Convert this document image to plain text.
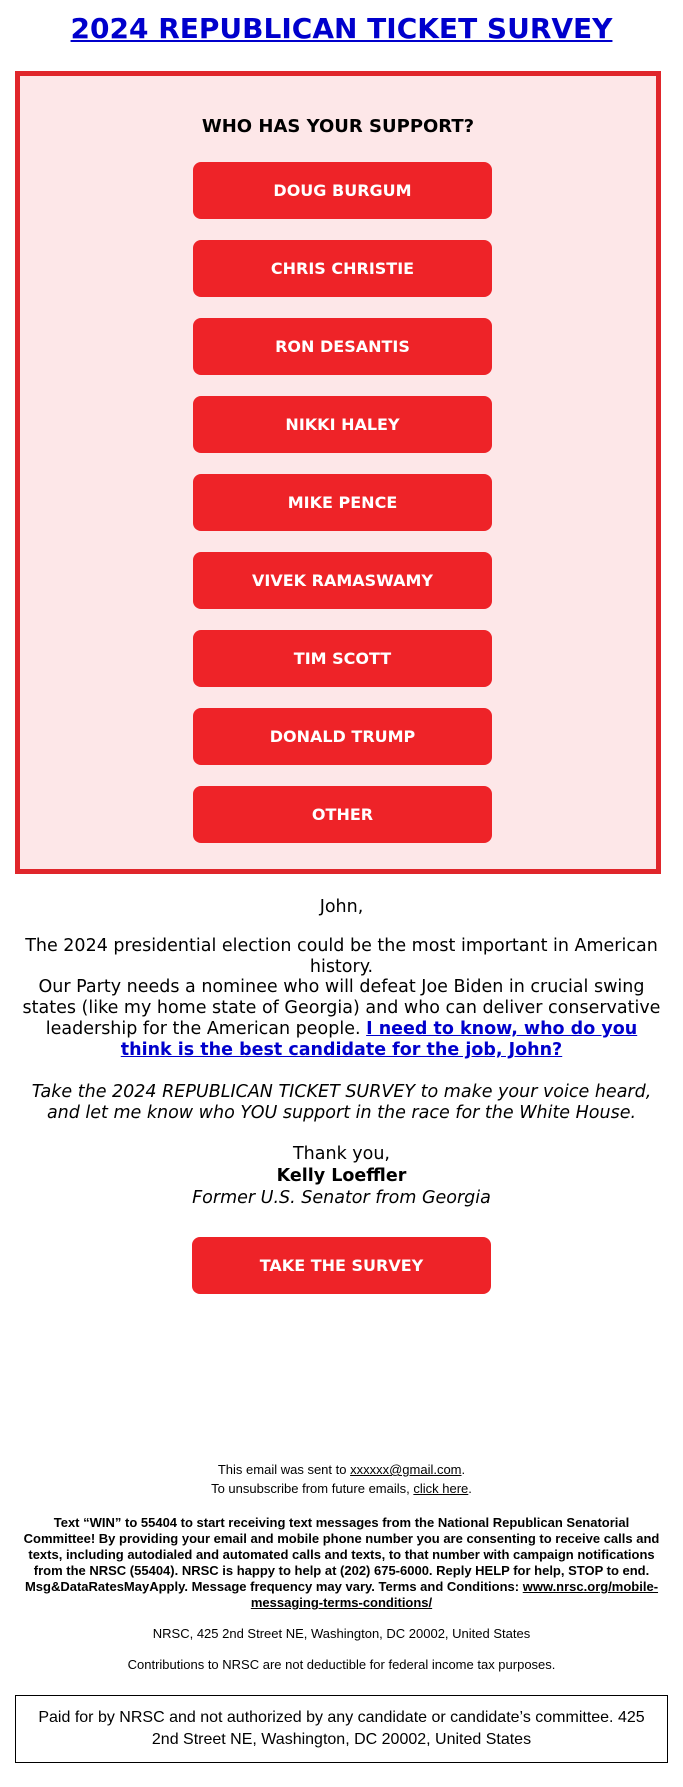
2024 REPUBLICAN TICKET SURVEY
WHO HAS YOUR SUPPORT?
DOUG BURGUM
CHRIS CHRISTIE
RON DESANTIS
NIKKI HALEY
MIKE PENCE
VIVEK RAMASWAMY
TIM SCOTT
DONALD TRUMP
OTHER
John,
The 2024 presidential election could be the most important in American history.
Our Party needs a nominee who will defeat Joe Biden in crucial swing states (like my home state of Georgia) and who can deliver conservative leadership for the American people. I need to know, who do you think is the best candidate for the job, John?
Take the 2024 REPUBLICAN TICKET SURVEY to make your voice heard, and let me know who YOU support in the race for the White House.
Thank you,
Kelly Loeffler
Former U.S. Senator from Georgia
TAKE THE SURVEY
This email was sent to xxxxxx@gmail.com.
To unsubscribe from future emails, click here.
Text “WIN” to 55404 to start receiving text messages from the National Republican Senatorial Committee! By providing your email and mobile phone number you are consenting to receive calls and texts, including autodialed and automated calls and texts, to that number with campaign notifications from the NRSC (55404). NRSC is happy to help at (202) 675-6000. Reply HELP for help, STOP to end. Msg&DataRatesMayApply. Message frequency may vary. Terms and Conditions: www.nrsc.org/mobile-messaging-terms-conditions/
NRSC, 425 2nd Street NE, Washington, DC 20002, United States
Contributions to NRSC are not deductible for federal income tax purposes.
Paid for by NRSC and not authorized by any candidate or candidate’s committee. 425 2nd Street NE, Washington, DC 20002, United States
